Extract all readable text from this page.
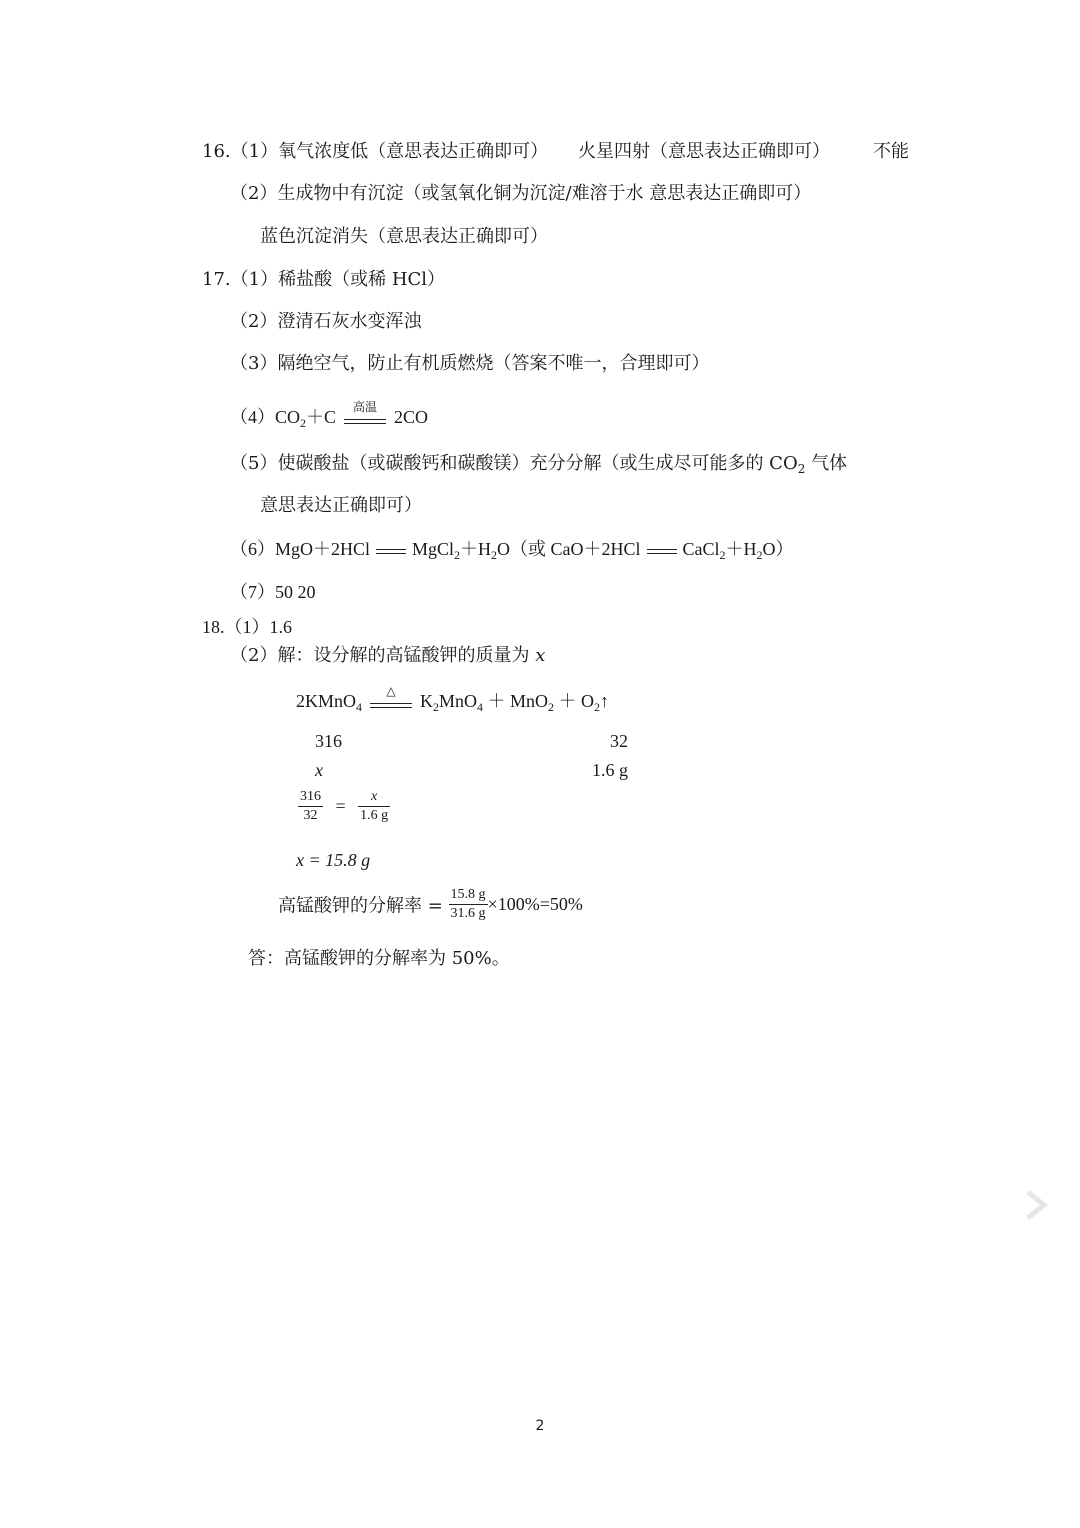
16.（1）氧气浓度低（意思表达正确即可） 火星四射（意思表达正确即可） 不能
（2）生成物中有沉淀（或氢氧化铜为沉淀/难溶于水 意思表达正确即可）
蓝色沉淀消失（意思表达正确即可）
17.（1）稀盐酸（或稀 HCl）
（2）澄清石灰水变浑浊
（3）隔绝空气，防止有机质燃烧（答案不唯一，合理即可）
$(4)CO_2+C$
高温
2CO
（5）使碳酸盐（或碳酸钙和碳酸镁）充分分解（或生成尽可能多的 $CO_2$ 气体
意思表达正确即可）
（6）MgO＋2HCl $MgCl_2+H_2O$（或 CaO＋2HCl $CaCl_2+H_2O$）
（7）50 20
18.（1）1.6
（2）解：设分解的高锰酸钾的质量为 x
2KMnO$_4$
△
$K_2MnO_4 + MnO_2$ ＋ $O_2↑$
316	32
x	1.6 g
$\frac{316}{32} = \frac{x}{1.6 g}$
x = 15.8 g
高锰酸钾的分解率 = $\frac{15.8 g}{31.6 g} \times 100\%=50\%$
答：高锰酸钾的分解率为 50%。
2
